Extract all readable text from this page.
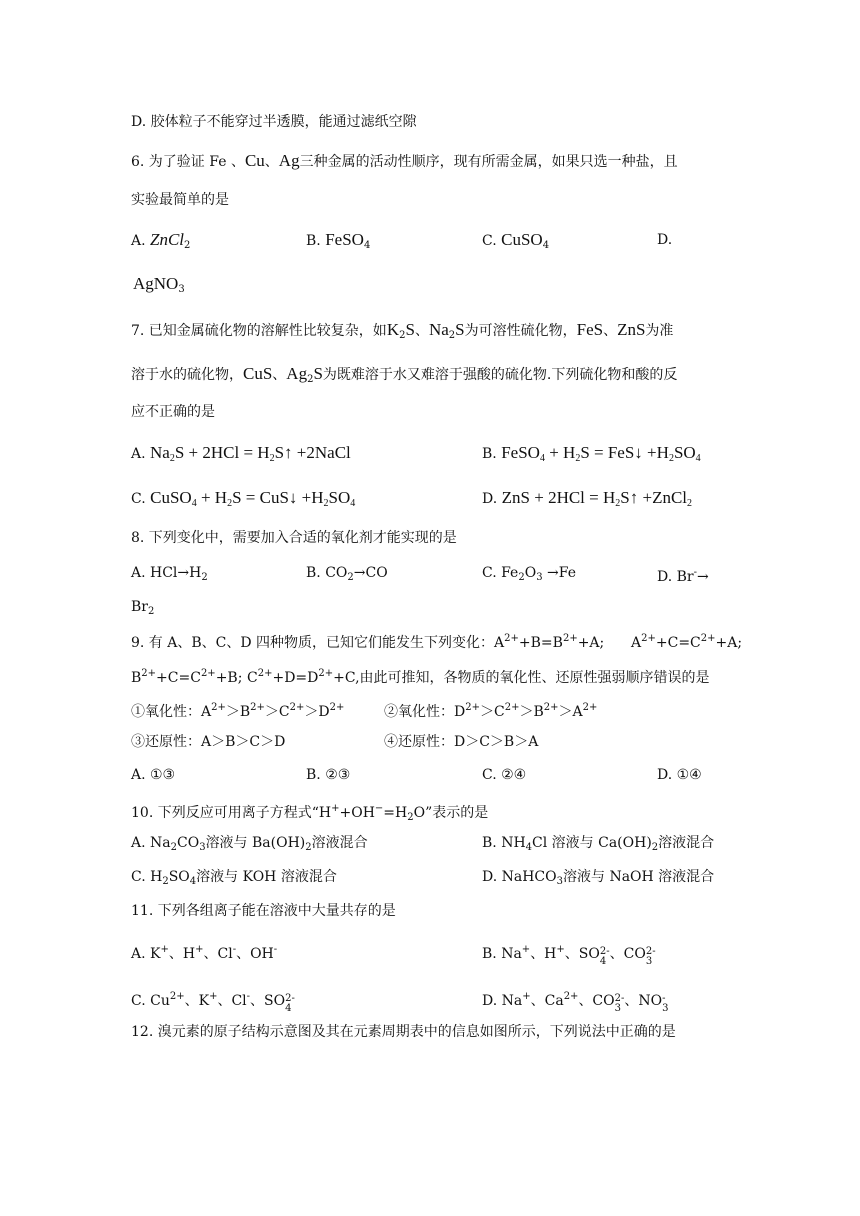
D. 胶体粒子不能穿过半透膜，能通过滤纸空隙
6. 为了验证 Fe 、Cu、Ag三种金属的活动性顺序，现有所需金属，如果只选一种盐，且
实验最简单的是
A. ZnCl$_2$	B. FeSO$_4$	C. CuSO$_4$	D.
AgNO$_3$
7. 已知金属硫化物的溶解性比较复杂，如$K_2S$、$Na_2S$为可溶性硫化物，FeS、ZnS为准
溶于水的硫化物，CuS、$Ag_2S$为既难溶于水又难溶于强酸的硫化物.下列硫化物和酸的反
应不正确的是
A. $Na_2S + 2HCl$ = $H_2S↑$ +2NaCl	B. FeSO$_4$ + $H_2S$ = FeS↓ $+H_2SO_4$
C. CuSO$_4$ + $H_2S$ = CuS↓ $+H_2SO_4$	D. ZnS + $2HCl = H_2S↑$ +ZnCl$_2$
8. 下列变化中，需要加入合适的氧化剂才能实现的是
A. $HCl\to H_2$	B. $CO_2\to CO$	C. $Fe_2O_3 \to Fe$	D. Br-→
$Br_2$
9. 有 A、B、C、D 四种物质，已知它们能发生下列变化：$A^{2+}+B=B^{2+}+A$; $A^{2+}+C=C^{2+}+A$;
$B^{2+}+C=C^{2+}+B$; $C^{2+}+D=D^{2+}+C$,由此可推知，各物质的氧化性、还原性强弱顺序错误的是
①氧化性：$A^{2+}>B^{2+}>C^{2+}>D^{2+}$	②氧化性：$D^{2+}>C^{2+}>B^{2+}>A^{2+}$
③还原性：A＞B＞C＞D	④还原性：D＞C＞B＞A
A. ①③	B. ②③	C. ②④	D. ①④
10. 下列反应可用离子方程式“$H^++OH^-=H_2O$”表示的是
A. $Na_2CO_3$溶液与 $Ba(OH)_2$溶液混合	B. $NH_4Cl$ 溶液与 $Ca(OH)_2$溶液混合
C. $H_2SO_4$溶液与 KOH 溶液混合	D. NaHCO$_3$溶液与 NaOH 溶液混合
11. 下列各组离子能在溶液中大量共存的是
A. K+、H+、Cl-、OH-	B. Na+、H+、SO 2-
4 、CO 2-
3
C. $Cu^{2+}$、K+、Cl-、SO 2-
4	D. Na+、$Ca^{2+}$、CO 2-
3 、NO -
3
12. 溴元素的原子结构示意图及其在元素周期表中的信息如图所示，下列说法中正确的是
